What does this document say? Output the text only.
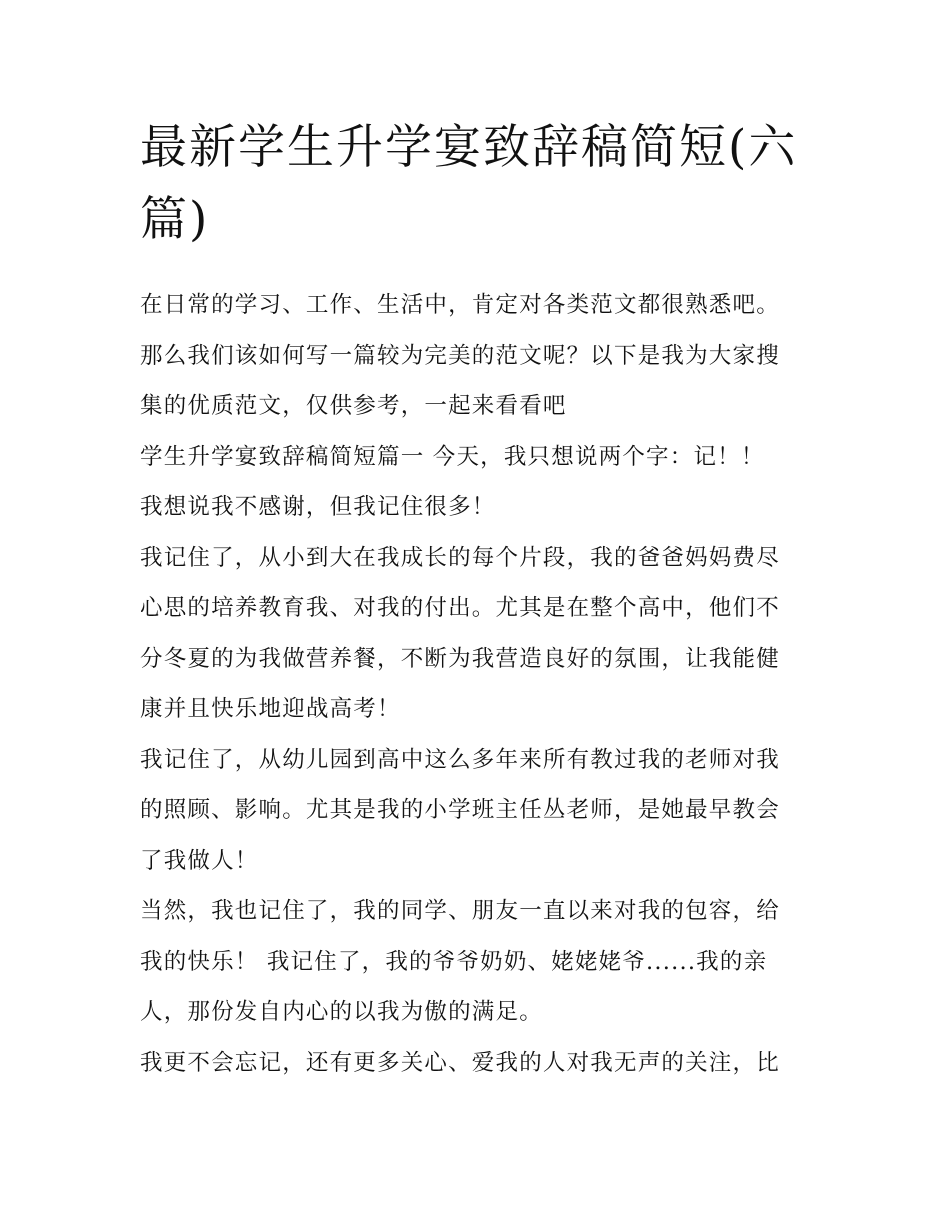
最新学生升学宴致辞稿简短(六
篇)
在日常的学习、工作、生活中，肯定对各类范文都很熟悉吧。
那么我们该如何写一篇较为完美的范文呢？以下是我为大家搜
集的优质范文，仅供参考，一起来看看吧
学生升学宴致辞稿简短篇一 今天，我只想说两个字：记！！
我想说我不感谢，但我记住很多！
我记住了，从小到大在我成长的每个片段，我的爸爸妈妈费尽
心思的培养教育我、对我的付出。尤其是在整个高中，他们不
分冬夏的为我做营养餐，不断为我营造良好的氛围，让我能健
康并且快乐地迎战高考！
我记住了，从幼儿园到高中这么多年来所有教过我的老师对我
的照顾、影响。尤其是我的小学班主任丛老师，是她最早教会
了我做人！
当然，我也记住了，我的同学、朋友一直以来对我的包容，给
我的快乐！ 我记住了，我的爷爷奶奶、姥姥姥爷......我的亲
人，那份发自内心的以我为傲的满足。
我更不会忘记，还有更多关心、爱我的人对我无声的关注，比
